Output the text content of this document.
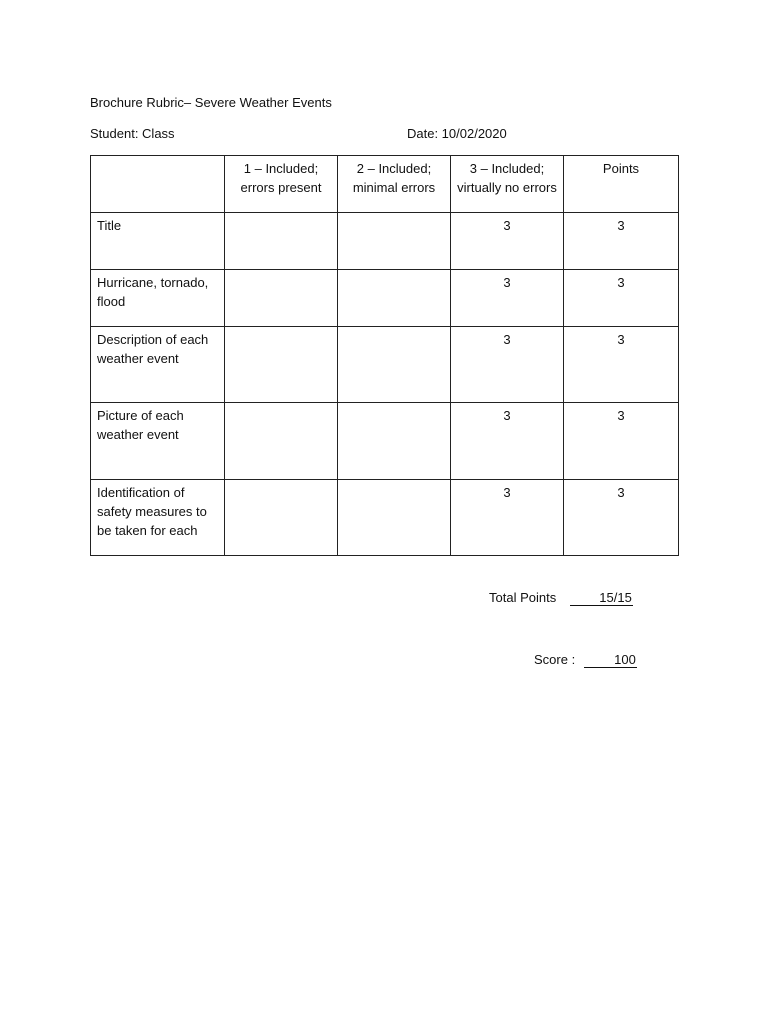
Brochure Rubric– Severe Weather Events
Student: Class	Date: 10/02/2020
	1 – Included; errors present	2 – Included; minimal errors	3 – Included; virtually no errors	Points
Title			3	3
Hurricane, tornado, flood			3	3
Description of each weather event			3	3
Picture of each weather event			3	3
Identification of safety measures to be taken for each			3	3
Total Points	15/15
Score :	100
